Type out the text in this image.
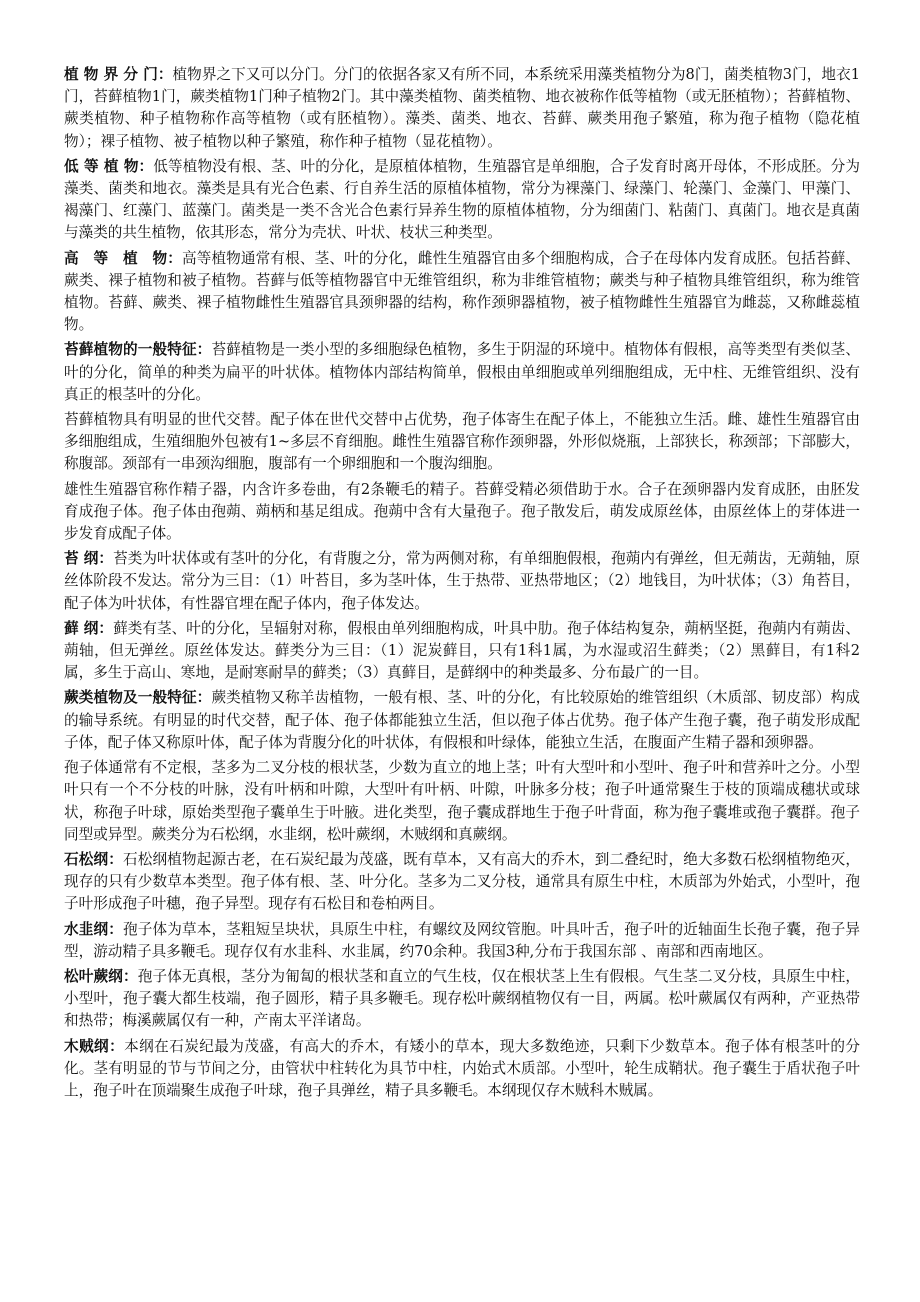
植 物 界 分 门：植物界之下又可以分门。分门的依据各家又有所不同，本系统采用藻类植物分为8门，菌类植物3门，地衣1门，苔藓植物1门，蕨类植物1门种子植物2门。其中藻类植物、菌类植物、地衣被称作低等植物（或无胚植物）；苔藓植物、蕨类植物、种子植物称作高等植物（或有胚植物）。藻类、菌类、地衣、苔藓、蕨类用孢子繁殖，称为孢子植物（隐花植物）；裸子植物、被子植物以种子繁殖，称作种子植物（显花植物）。

低 等 植 物：低等植物没有根、茎、叶的分化，是原植体植物，生殖器官是单细胞，合子发育时离开母体，不形成胚。分为藻类、菌类和地衣。藻类是具有光合色素、行自养生活的原植体植物，常分为裸藻门、绿藻门、轮藻门、金藻门、甲藻门、褐藻门、红藻门、蓝藻门。菌类是一类不含光合色素行异养生物的原植体植物，分为细菌门、粘菌门、真菌门。地衣是真菌与藻类的共生植物，依其形态，常分为壳状、叶状、枝状三种类型。

高　等　植　物：高等植物通常有根、茎、叶的分化，雌性生殖器官由多个细胞构成，合子在母体内发育成胚。包括苔藓、蕨类、裸子植物和被子植物。苔藓与低等植物器官中无维管组织，称为非维管植物；蕨类与种子植物具维管组织，称为维管植物。苔藓、蕨类、裸子植物雌性生殖器官具颈卵器的结构，称作颈卵器植物，被子植物雌性生殖器官为雌蕊，又称雌蕊植物。

苔藓植物的一般特征：苔藓植物是一类小型的多细胞绿色植物，多生于阴湿的环境中。植物体有假根，高等类型有类似茎、叶的分化，简单的种类为扁平的叶状体。植物体内部结构简单，假根由单细胞或单列细胞组成，无中柱、无维管组织、没有真正的根茎叶的分化。

苔藓植物具有明显的世代交替。配子体在世代交替中占优势，孢子体寄生在配子体上，不能独立生活。雌、雄性生殖器官由多细胞组成，生殖细胞外包被有1~多层不育细胞。雌性生殖器官称作颈卵器，外形似烧瓶，上部狭长，称颈部；下部膨大，称腹部。颈部有一串颈沟细胞，腹部有一个卵细胞和一个腹沟细胞。

雄性生殖器官称作精子器，内含许多卷曲，有2条鞭毛的精子。苔藓受精必须借助于水。合子在颈卵器内发育成胚，由胚发育成孢子体。孢子体由孢蒴、蒴柄和基足组成。孢蒴中含有大量孢子。孢子散发后，萌发成原丝体，由原丝体上的芽体进一步发育成配子体。

苔 纲：苔类为叶状体或有茎叶的分化，有背腹之分，常为两侧对称，有单细胞假根，孢蒴内有弹丝，但无蒴齿，无蒴轴，原丝体阶段不发达。常分为三目：（1）叶苔目，多为茎叶体，生于热带、亚热带地区；（2）地钱目，为叶状体；（3）角苔目，配子体为叶状体，有性器官埋在配子体内，孢子体发达。

藓 纲：藓类有茎、叶的分化，呈辐射对称，假根由单列细胞构成，叶具中肋。孢子体结构复杂，蒴柄坚挺，孢蒴内有蒴齿、蒴轴，但无弹丝。原丝体发达。藓类分为三目：（1）泥炭藓目，只有1科1属，为水湿或沼生藓类；（2）黑藓目，有1科2属，多生于高山、寒地，是耐寒耐旱的藓类；（3）真藓目，是藓纲中的种类最多、分布最广的一目。

蕨类植物及一般特征：蕨类植物又称羊齿植物，一般有根、茎、叶的分化，有比较原始的维管组织（木质部、韧皮部）构成的输导系统。有明显的时代交替，配子体、孢子体都能独立生活，但以孢子体占优势。孢子体产生孢子囊，孢子萌发形成配子体，配子体又称原叶体，配子体为背腹分化的叶状体，有假根和叶绿体，能独立生活，在腹面产生精子器和颈卵器。

孢子体通常有不定根，茎多为二叉分枝的根状茎，少数为直立的地上茎；叶有大型叶和小型叶、孢子叶和营养叶之分。小型叶只有一个不分枝的叶脉，没有叶柄和叶隙，大型叶有叶柄、叶隙，叶脉多分枝；孢子叶通常聚生于枝的顶端成穗状或球状，称孢子叶球，原始类型孢子囊单生于叶腋。进化类型，孢子囊成群地生于孢子叶背面，称为孢子囊堆或孢子囊群。孢子同型或异型。蕨类分为石松纲，水韭纲，松叶蕨纲，木贼纲和真蕨纲。

石松纲：石松纲植物起源古老，在石炭纪最为茂盛，既有草本，又有高大的乔木，到二叠纪时，绝大多数石松纲植物绝灭，现存的只有少数草本类型。孢子体有根、茎、叶分化。茎多为二叉分枝，通常具有原生中柱，木质部为外始式，小型叶，孢子叶形成孢子叶穗，孢子异型。现存有石松目和卷柏两目。

水韭纲：孢子体为草本，茎粗短呈块状，具原生中柱，有螺纹及网纹管胞。叶具叶舌，孢子叶的近轴面生长孢子囊，孢子异型，游动精子具多鞭毛。现存仅有水韭科、水韭属，约70余种。我国3种,分布于我国东部 、南部和西南地区。

松叶蕨纲：孢子体无真根，茎分为匍匐的根状茎和直立的气生枝，仅在根状茎上生有假根。气生茎二叉分枝，具原生中柱，小型叶，孢子囊大都生枝端，孢子圆形，精子具多鞭毛。现存松叶蕨纲植物仅有一目，两属。松叶蕨属仅有两种，产亚热带和热带；梅溪蕨属仅有一种，产南太平洋诸岛。

木贼纲：本纲在石炭纪最为茂盛，有高大的乔木，有矮小的草本，现大多数绝迹，只剩下少数草本。孢子体有根茎叶的分化。茎有明显的节与节间之分，由管状中柱转化为具节中柱，内始式木质部。小型叶，轮生成鞘状。孢子囊生于盾状孢子叶上，孢子叶在顶端聚生成孢子叶球，孢子具弹丝，精子具多鞭毛。本纲现仅存木贼科木贼属。
